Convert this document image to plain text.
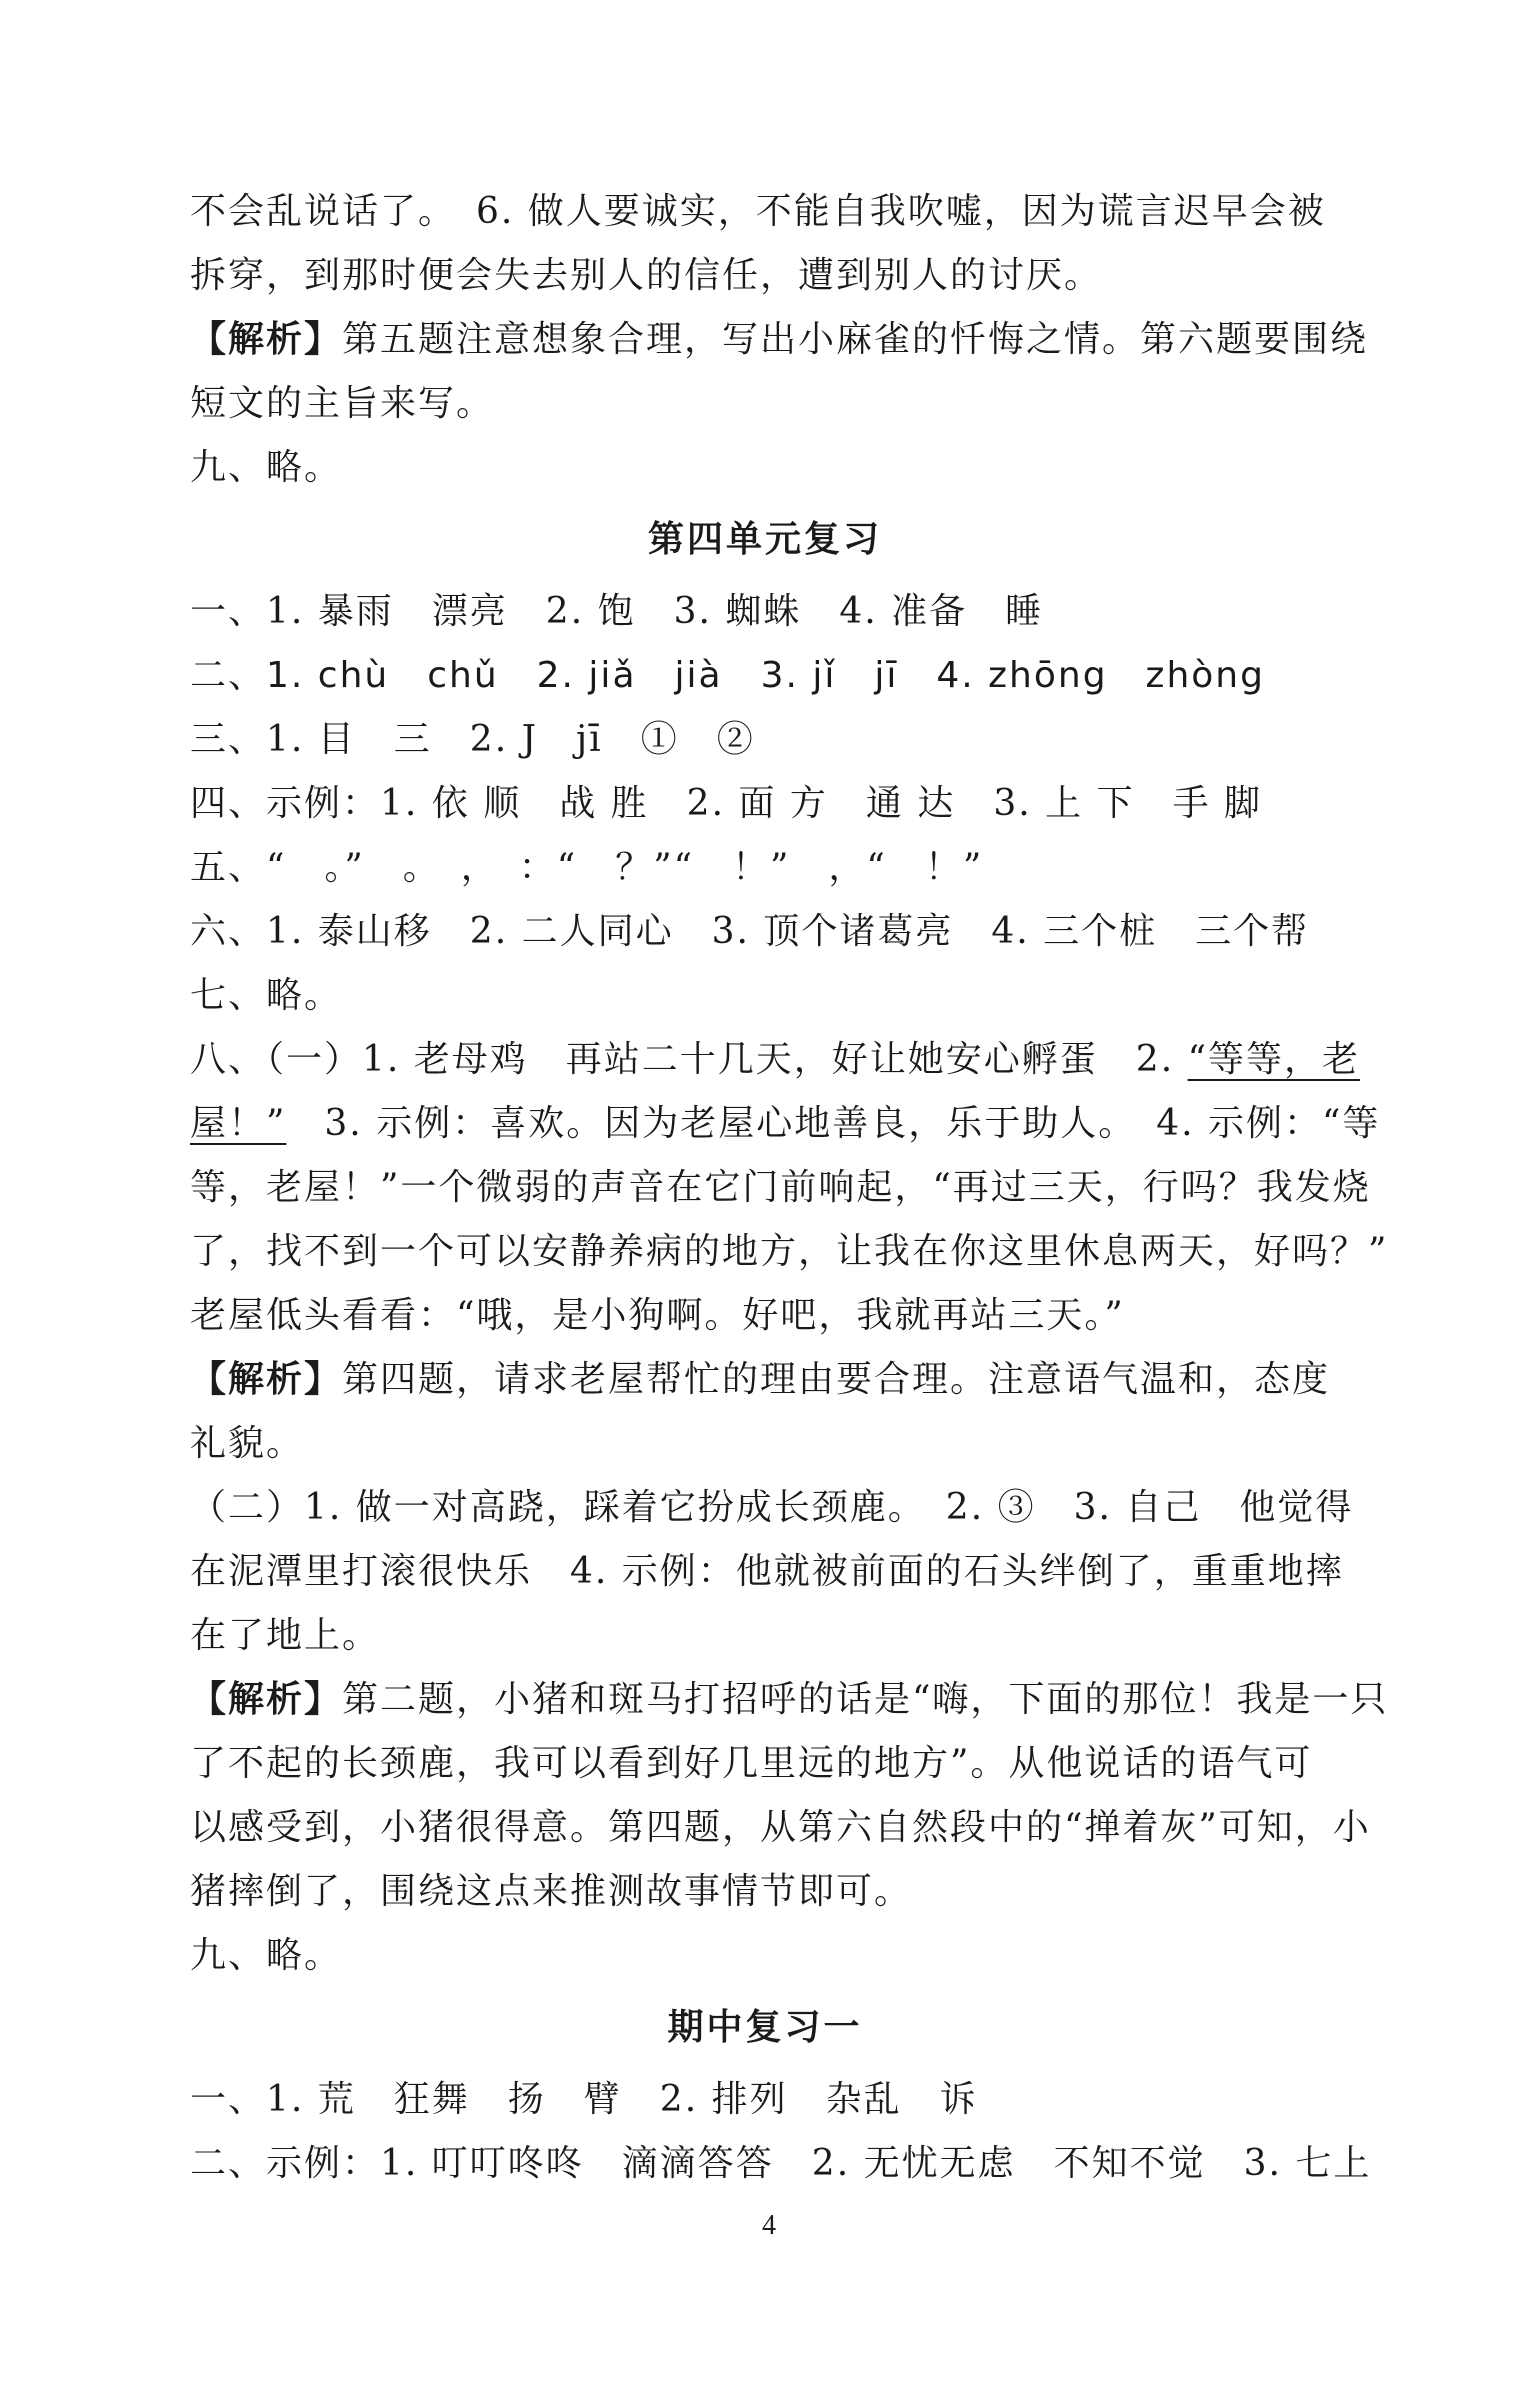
不会乱说话了。　6. 做人要诚实，不能自我吹嘘，因为谎言迟早会被
拆穿，到那时便会失去别人的信任，遭到别人的讨厌。
【解析】第五题注意想象合理，写出小麻雀的忏悔之情。第六题要围绕
短文的主旨来写。
九、略。
第四单元复习
一、1. 暴雨　漂亮　2. 饱　3. 蜘蛛　4. 准备　睡
二、1. chù　chǔ　2. jiǎ　jià　3. jǐ　jī　4. zhōng　zhòng
三、1. 目　三　2. J　jī　①　②
四、示例：1. 依 顺　战 胜　2. 面 方　通 达　3. 上 下　手 脚
五、“　。”　。　，　：“　？”“　！”　，“　！”
六、1. 泰山移　2. 二人同心　3. 顶个诸葛亮　4. 三个桩　三个帮
七、略。
八、（一）1. 老母鸡　再站二十几天，好让她安心孵蛋　2. “等等，老
屋！”　3. 示例：喜欢。因为老屋心地善良，乐于助人。　4. 示例：“等
等，老屋！”一个微弱的声音在它门前响起，“再过三天，行吗？我发烧
了，找不到一个可以安静养病的地方，让我在你这里休息两天，好吗？”
老屋低头看看：“哦，是小狗啊。好吧，我就再站三天。”
【解析】第四题，请求老屋帮忙的理由要合理。注意语气温和，态度
礼貌。
（二）1. 做一对高跷，踩着它扮成长颈鹿。　2. ③　3. 自己　他觉得
在泥潭里打滚很快乐　4. 示例：他就被前面的石头绊倒了，重重地摔
在了地上。
【解析】第二题，小猪和斑马打招呼的话是“嗨，下面的那位！我是一只
了不起的长颈鹿，我可以看到好几里远的地方”。从他说话的语气可
以感受到，小猪很得意。第四题，从第六自然段中的“掸着灰”可知，小
猪摔倒了，围绕这点来推测故事情节即可。
九、略。
期中复习一
一、1. 荒　狂舞　扬　臂　2. 排列　杂乱　诉
二、示例：1. 叮叮咚咚　滴滴答答　2. 无忧无虑　不知不觉　3. 七上
4
